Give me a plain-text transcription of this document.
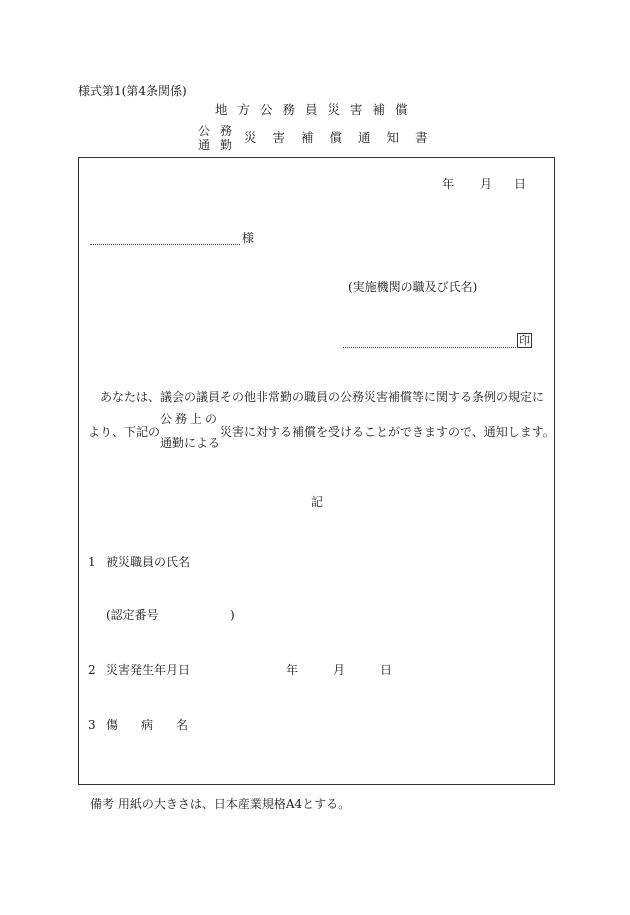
様式第1(第4条関係)
地方公務員災害補償
公務
通勤 災害補償通知書
年 月 日
様
(実施機関の職及び氏名)
印
あなたは、議会の議員その他非常勤の職員の公務災害補償等に関する条例の規定に
より、下記の
公務上の
通勤による
災害に対する補償を受けることができますので、通知します。
記
1 被災職員の氏名
(認定番号	)
2 災害発生年月日	年	月	日
3 傷病名
備考 用紙の大きさは、日本産業規格A4とする。
